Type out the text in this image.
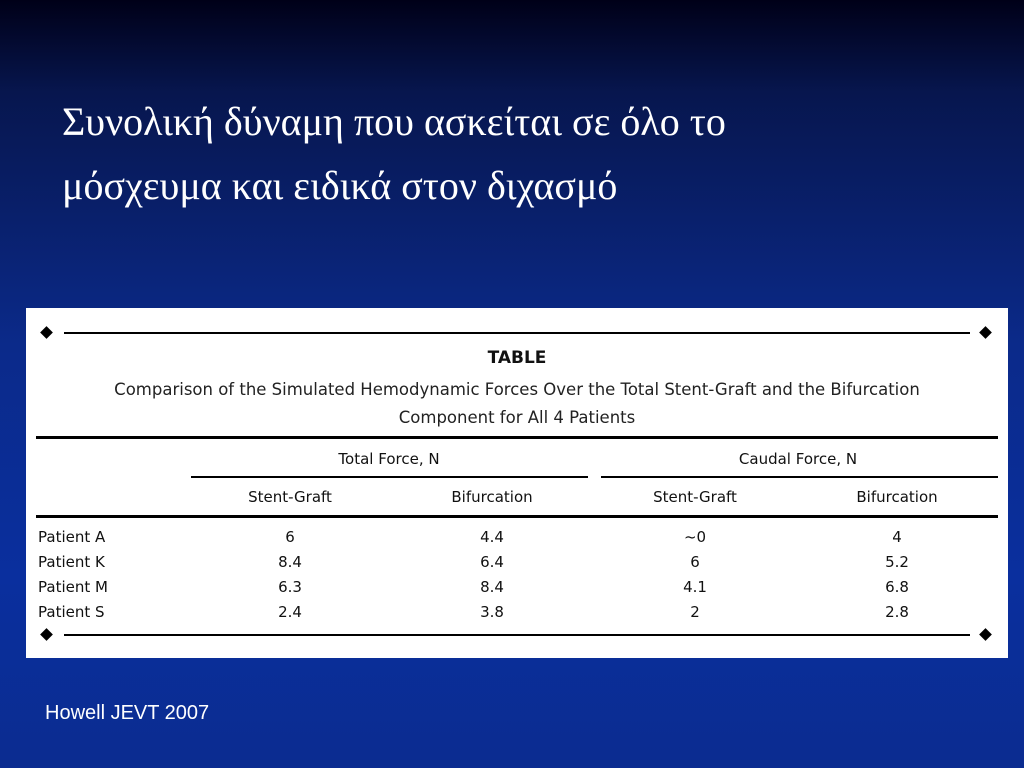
Συνολική δύναμη που ασκείται σε όλο το
μόσχευμα και ειδικά στον διχασμό
TABLE
Comparison of the Simulated Hemodynamic Forces Over the Total Stent-Graft and the Bifurcation
Component for All 4 Patients
Total Force, N	Caudal Force, N
Stent-Graft	Bifurcation	Stent-Graft	Bifurcation
Patient A	6	4.4	~0	4
Patient K	8.4	6.4	6	5.2
Patient M	6.3	8.4	4.1	6.8
Patient S	2.4	3.8	2	2.8
Howell JEVT 2007
